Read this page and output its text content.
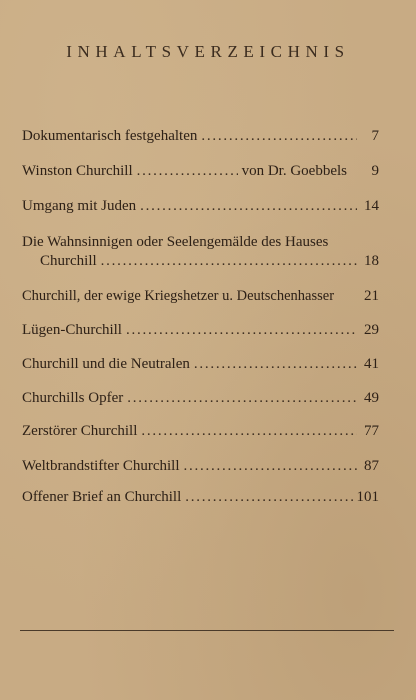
INHALTSVERZEICHNIS
Dokumentarisch festgehalten . . .	7
Winston Churchill . . .	von Dr. Goebbels	9
Umgang mit Juden . . .	14
Die Wahnsinnigen oder Seelengemälde des Hauses
Churchill . . .	18
Churchill, der ewige Kriegshetzer u. Deutschenhasser 21
Lügen-Churchill . . .	29
Churchill und die Neutralen . . .	41
Churchills Opfer . . .	49
Zerstörer Churchill . . .	77
Weltbrandstifter Churchill . . .	87
Offener Brief an Churchill . . .	101
